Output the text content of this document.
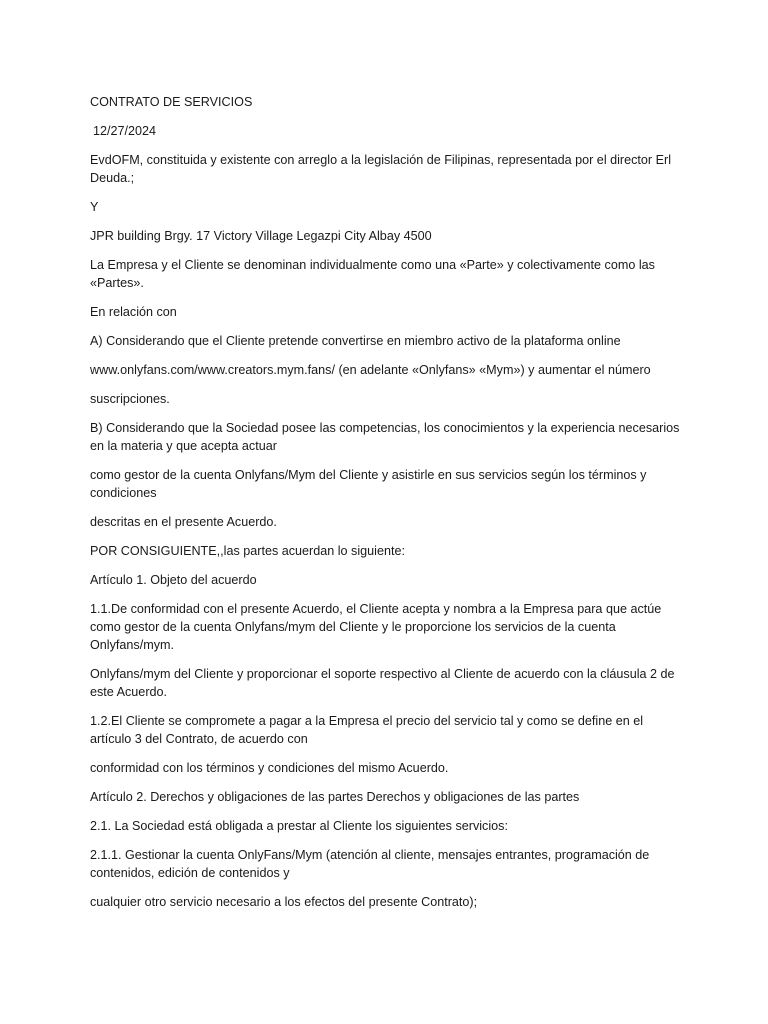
CONTRATO DE SERVICIOS

12/27/2024

EvdOFM, constituida y existente con arreglo a la legislación de Filipinas, representada por el director Erl Deuda.;

Y

JPR building Brgy. 17 Victory Village Legazpi City Albay 4500

La Empresa y el Cliente se denominan individualmente como una «Parte» y colectivamente como las «Partes».

En relación con

A) Considerando que el Cliente pretende convertirse en miembro activo de la plataforma online

www.onlyfans.com/www.creators.mym.fans/ (en adelante «Onlyfans» «Mym») y aumentar el número

suscripciones.

B) Considerando que la Sociedad posee las competencias, los conocimientos y la experiencia necesarios en la materia y que acepta actuar

como gestor de la cuenta Onlyfans/Mym del Cliente y asistirle en sus servicios según los términos y condiciones

descritas en el presente Acuerdo.

POR CONSIGUIENTE,,las partes acuerdan lo siguiente:

Artículo 1. Objeto del acuerdo

1.1.De conformidad con el presente Acuerdo, el Cliente acepta y nombra a la Empresa para que actúe como gestor de la cuenta Onlyfans/mym del Cliente y le proporcione los servicios de la cuenta Onlyfans/mym.

Onlyfans/mym del Cliente y proporcionar el soporte respectivo al Cliente de acuerdo con la cláusula 2 de este Acuerdo.

1.2.El Cliente se compromete a pagar a la Empresa el precio del servicio tal y como se define en el artículo 3 del Contrato, de acuerdo con

conformidad con los términos y condiciones del mismo Acuerdo.

Artículo 2. Derechos y obligaciones de las partes Derechos y obligaciones de las partes

2.1. La Sociedad está obligada a prestar al Cliente los siguientes servicios:

2.1.1. Gestionar la cuenta OnlyFans/Mym (atención al cliente, mensajes entrantes, programación de contenidos, edición de contenidos y

cualquier otro servicio necesario a los efectos del presente Contrato);
